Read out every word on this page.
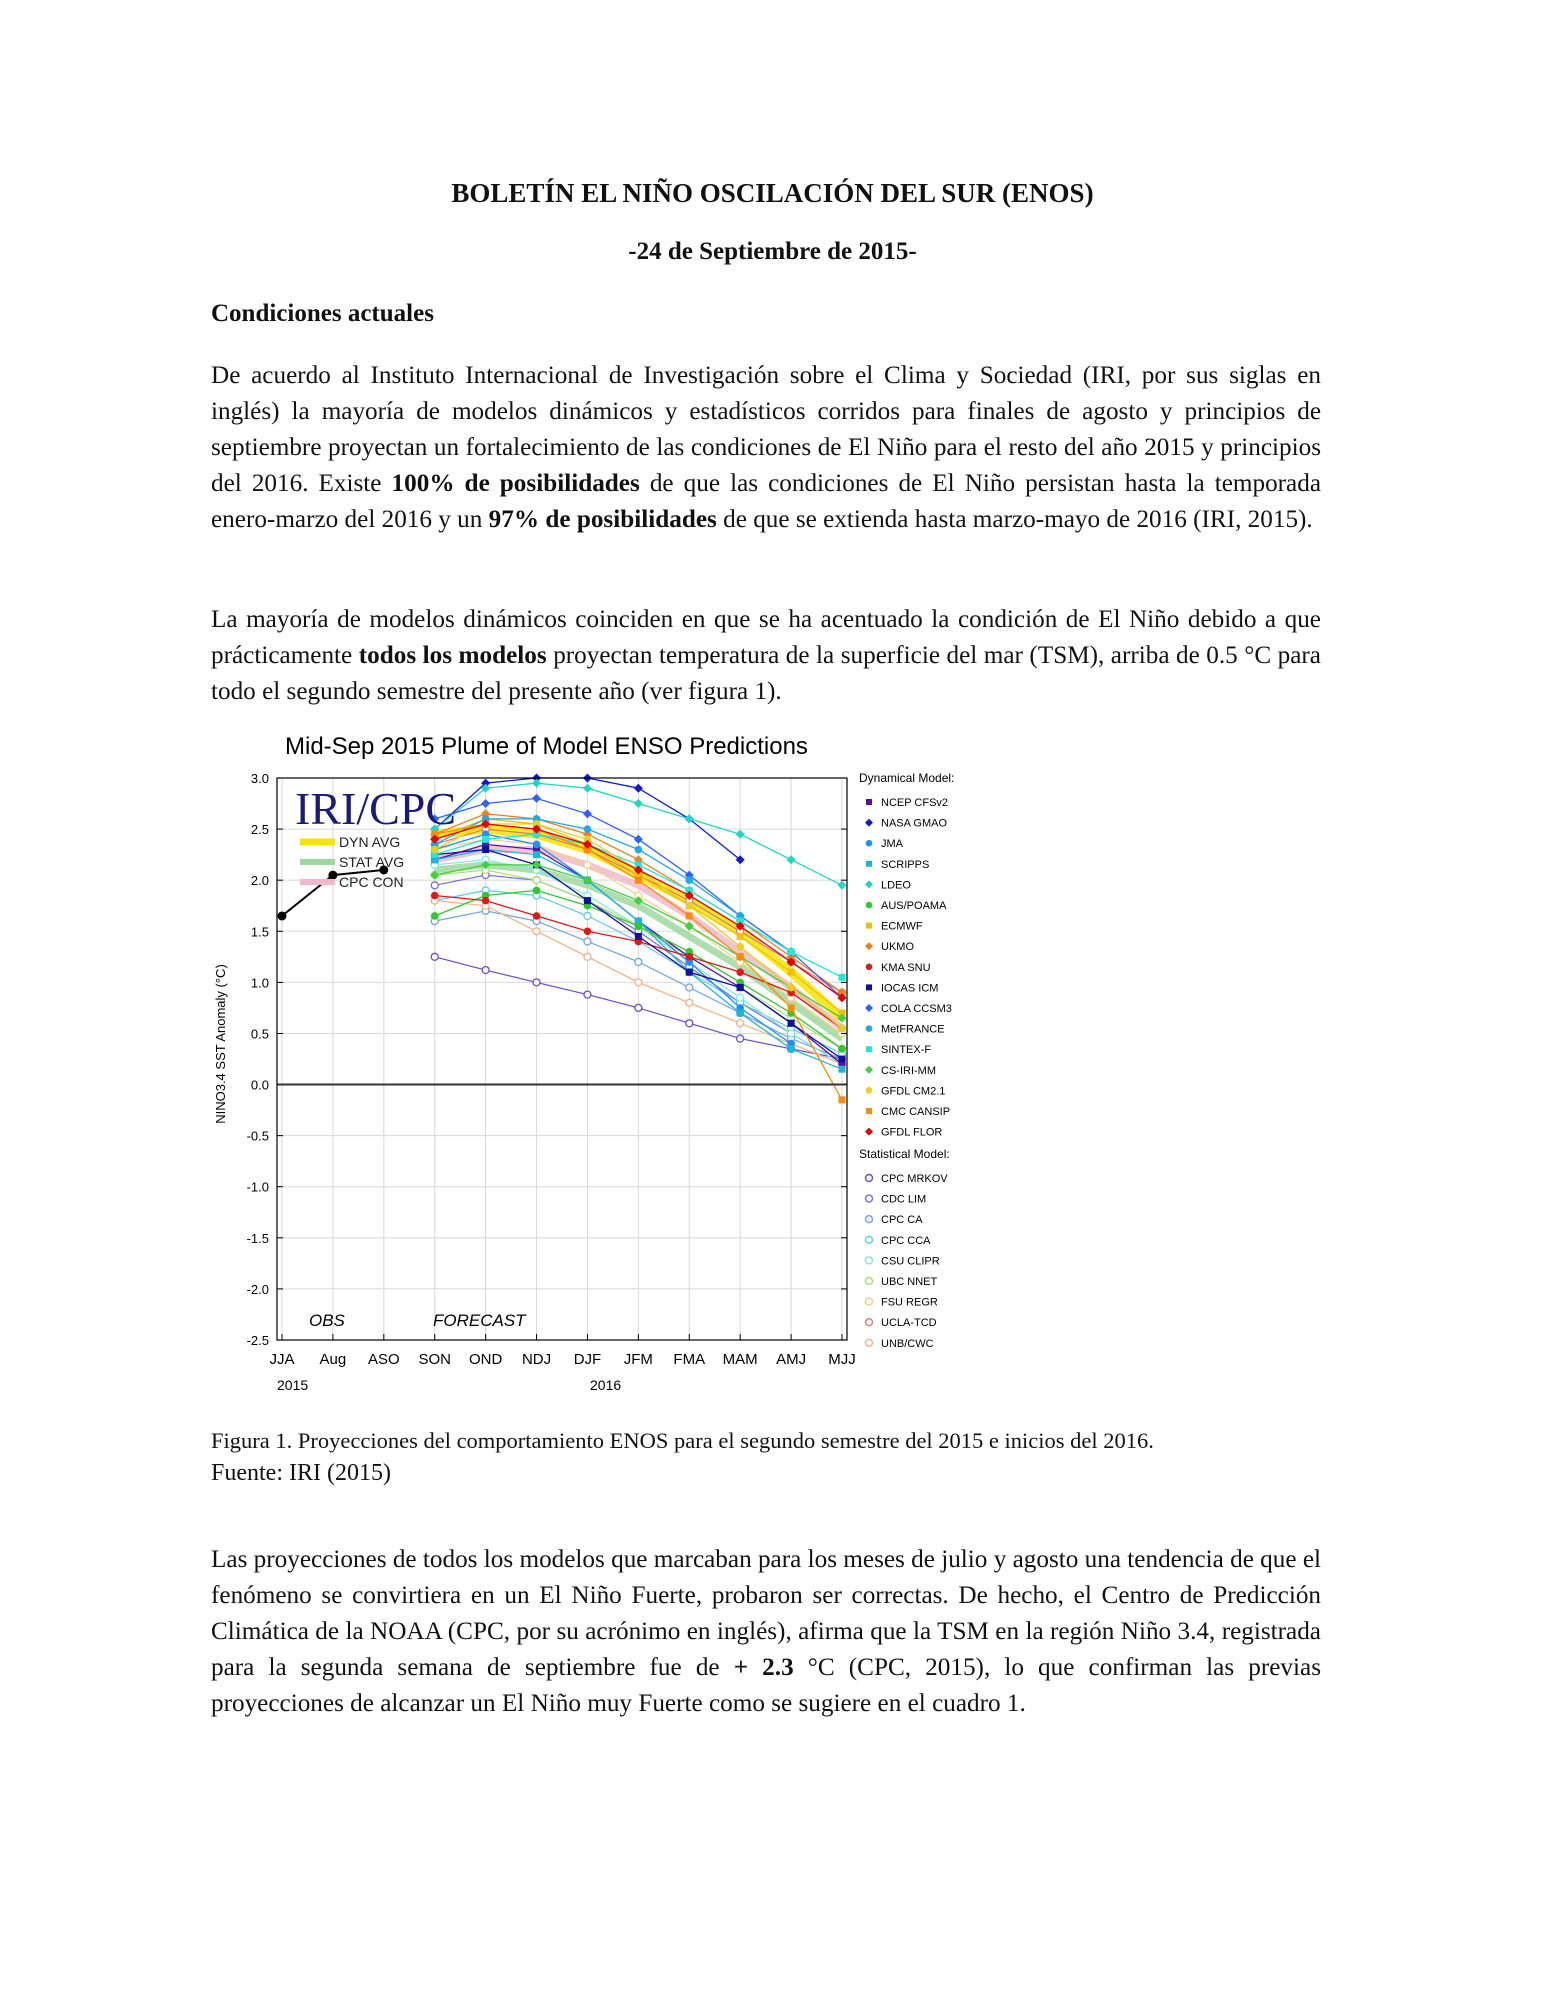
BOLETÍN EL NIÑO OSCILACIÓN DEL SUR (ENOS)
-24 de Septiembre de 2015-
Condiciones actuales
De acuerdo al Instituto Internacional de Investigación sobre el Clima y Sociedad (IRI, por sus siglas en inglés) la mayoría de modelos dinámicos y estadísticos corridos para finales de agosto y principios de septiembre proyectan un fortalecimiento de las condiciones de El Niño para el resto del año 2015 y principios del 2016. Existe 100% de posibilidades de que las condiciones de El Niño persistan hasta la temporada enero-marzo del 2016 y un 97% de posibilidades de que se extienda hasta marzo-mayo de 2016 (IRI, 2015).
La mayoría de modelos dinámicos coinciden en que se ha acentuado la condición de El Niño debido a que prácticamente todos los modelos proyectan temperatura de la superficie del mar (TSM), arriba de 0.5 °C para todo el segundo semestre del presente año (ver figura 1).
Mid-Sep 2015 Plume of Model ENSO Predictions
3.0
2.5
2.0
1.5
1.0
0.5
0.0
-0.5
-1.0
-1.5
-2.0
-2.5
IRI/CPC
DYN AVG
STAT AVG
CPC CON
NINO3.4 SST Anomaly (°C)
OBS	FORECAST
Dynamical Model:
NCEP CFSv2
NASA GMAO
JMA
SCRIPPS
LDEO
AUS/POAMA
ECMWF
UKMO
KMA SNU
IOCAS ICM
COLA CCSM3
MetFRANCE
SINTEX-F
CS-IRI-MM
GFDL CM2.1
CMC CANSIP
GFDL FLOR
Statistical Model:
CPC MRKOV
CDC LIM
CPC CA
CPC CCA
CSU CLIPR
UBC NNET
FSU REGR
UCLA-TCD
UNB/CWC
JJA Aug ASO SON OND NDJ DJF JFM FMA MAM AMJ MJJ
2015	2016
Figura 1. Proyecciones del comportamiento ENOS para el segundo semestre del 2015 e inicios del 2016.
Fuente: IRI (2015)
Las proyecciones de todos los modelos que marcaban para los meses de julio y agosto una tendencia de que el fenómeno se convirtiera en un El Niño Fuerte, probaron ser correctas. De hecho, el Centro de Predicción Climática de la NOAA (CPC, por su acrónimo en inglés), afirma que la TSM en la región Niño 3.4, registrada para la segunda semana de septiembre fue de + 2.3 °C (CPC, 2015), lo que confirman las previas proyecciones de alcanzar un El Niño muy Fuerte como se sugiere en el cuadro 1.
